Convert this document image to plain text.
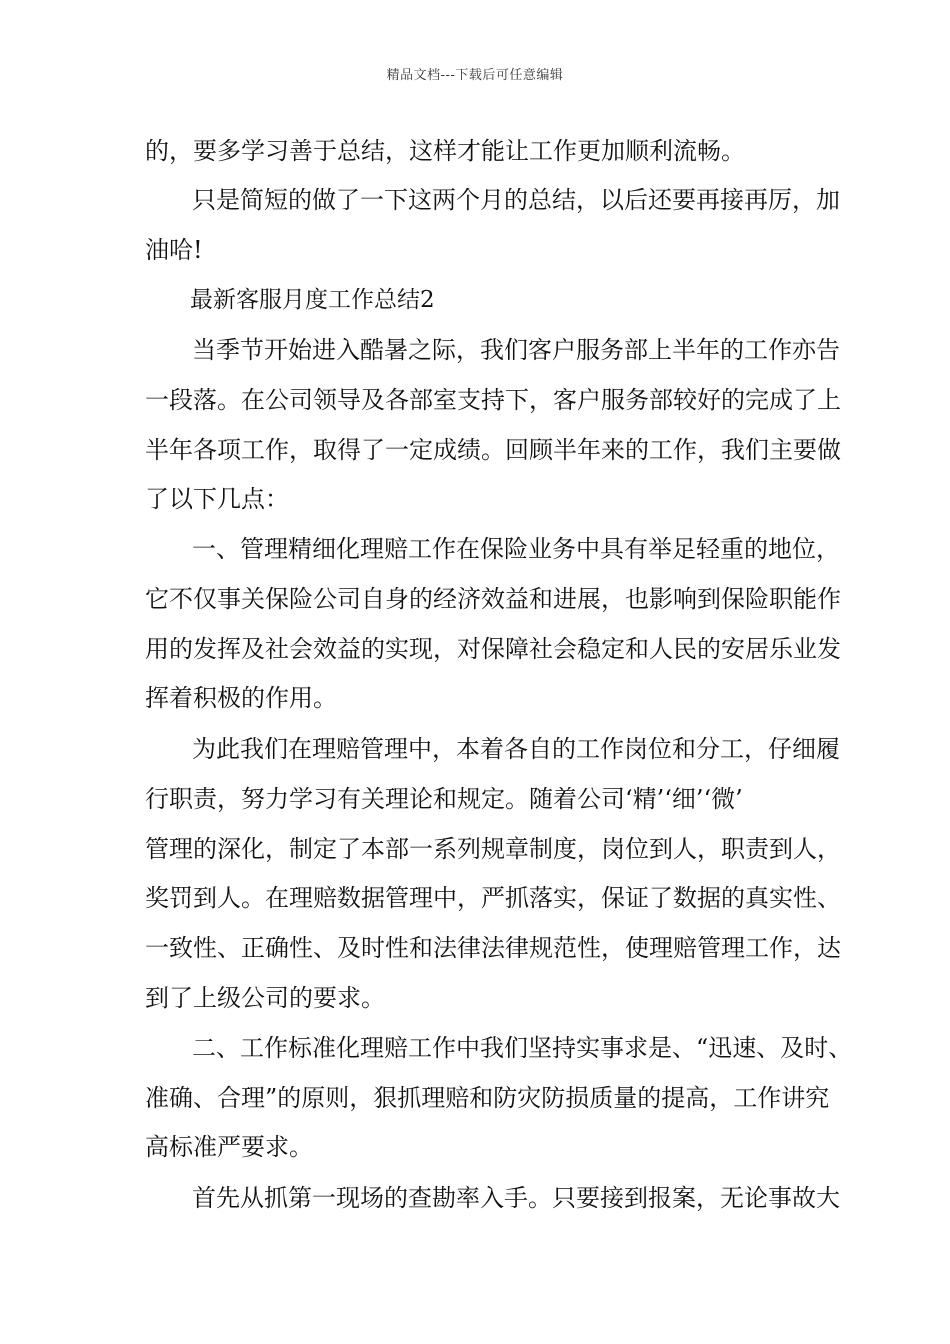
精品文档---下载后可任意编辑
的，要多学习善于总结，这样才能让工作更加顺利流畅。
只是简短的做了一下这两个月的总结，以后还要再接再厉，加
油哈!
最新客服月度工作总结2
当季节开始进入酷暑之际，我们客户服务部上半年的工作亦告
一段落。在公司领导及各部室支持下，客户服务部较好的完成了上
半年各项工作，取得了一定成绩。回顾半年来的工作，我们主要做
了以下几点：
一、管理精细化理赔工作在保险业务中具有举足轻重的地位，
它不仅事关保险公司自身的经济效益和进展，也影响到保险职能作
用的发挥及社会效益的实现，对保障社会稳定和人民的安居乐业发
挥着积极的作用。
为此我们在理赔管理中，本着各自的工作岗位和分工，仔细履
行职责，努力学习有关理论和规定。随着公司‘精’‘细’‘微’
管理的深化，制定了本部一系列规章制度，岗位到人，职责到人，
奖罚到人。在理赔数据管理中，严抓落实，保证了数据的真实性、
一致性、正确性、及时性和法律法律规范性，使理赔管理工作，达
到了上级公司的要求。
二、工作标准化理赔工作中我们坚持实事求是、“迅速、及时、
准确、合理”的原则，狠抓理赔和防灾防损质量的提高，工作讲究
高标准严要求。
首先从抓第一现场的查勘率入手。只要接到报案，无论事故大
